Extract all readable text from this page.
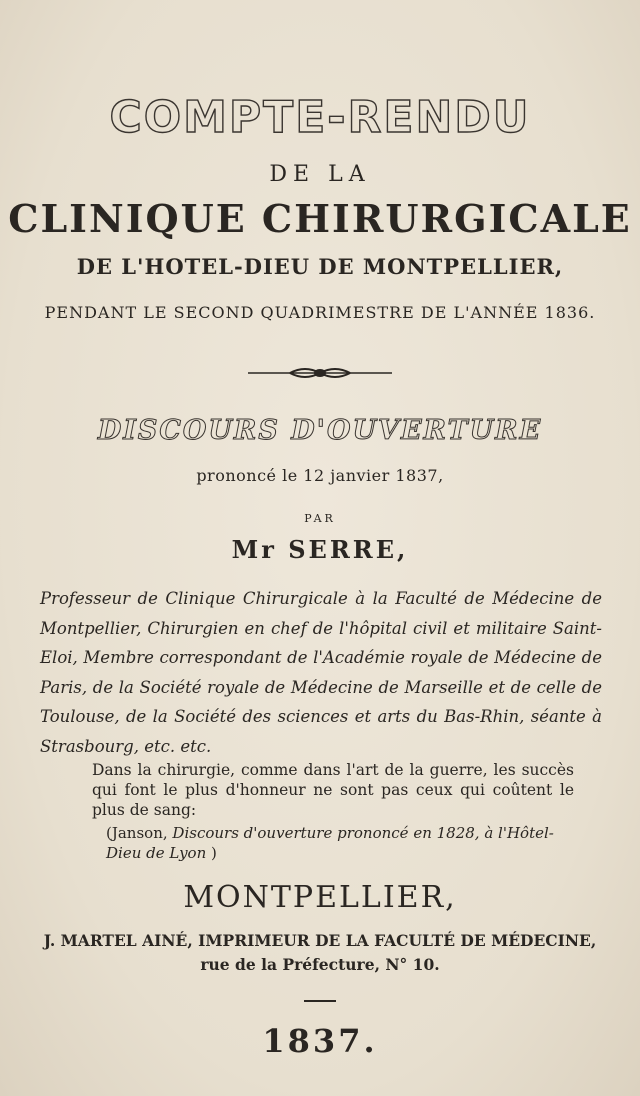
COMPTE-RENDU
DE LA
CLINIQUE CHIRURGICALE
DE L'HOTEL-DIEU DE MONTPELLIER,
PENDANT LE SECOND QUADRIMESTRE DE L'ANNÉE 1836.
DISCOURS D'OUVERTURE
prononcé le 12 janvier 1837,
PAR
Mr SERRE,
Professeur de Clinique Chirurgicale à la Faculté de Médecine de Montpellier, Chirurgien en chef de l'hôpital civil et militaire Saint-Eloi, Membre correspondant de l'Académie royale de Médecine de Paris, de la Société royale de Médecine de Marseille et de celle de Toulouse, de la Société des sciences et arts du Bas-Rhin, séante à Strasbourg, etc. etc.
Dans la chirurgie, comme dans l'art de la guerre, les succès qui font le plus d'honneur ne sont pas ceux qui coûtent le plus de sang:
(Janson, Discours d'ouverture prononcé en 1828, à l'Hôtel-Dieu de Lyon )
MONTPELLIER,
J. MARTEL AINÉ, IMPRIMEUR DE LA FACULTÉ DE MÉDECINE,
rue de la Préfecture, N° 10.
1837.
